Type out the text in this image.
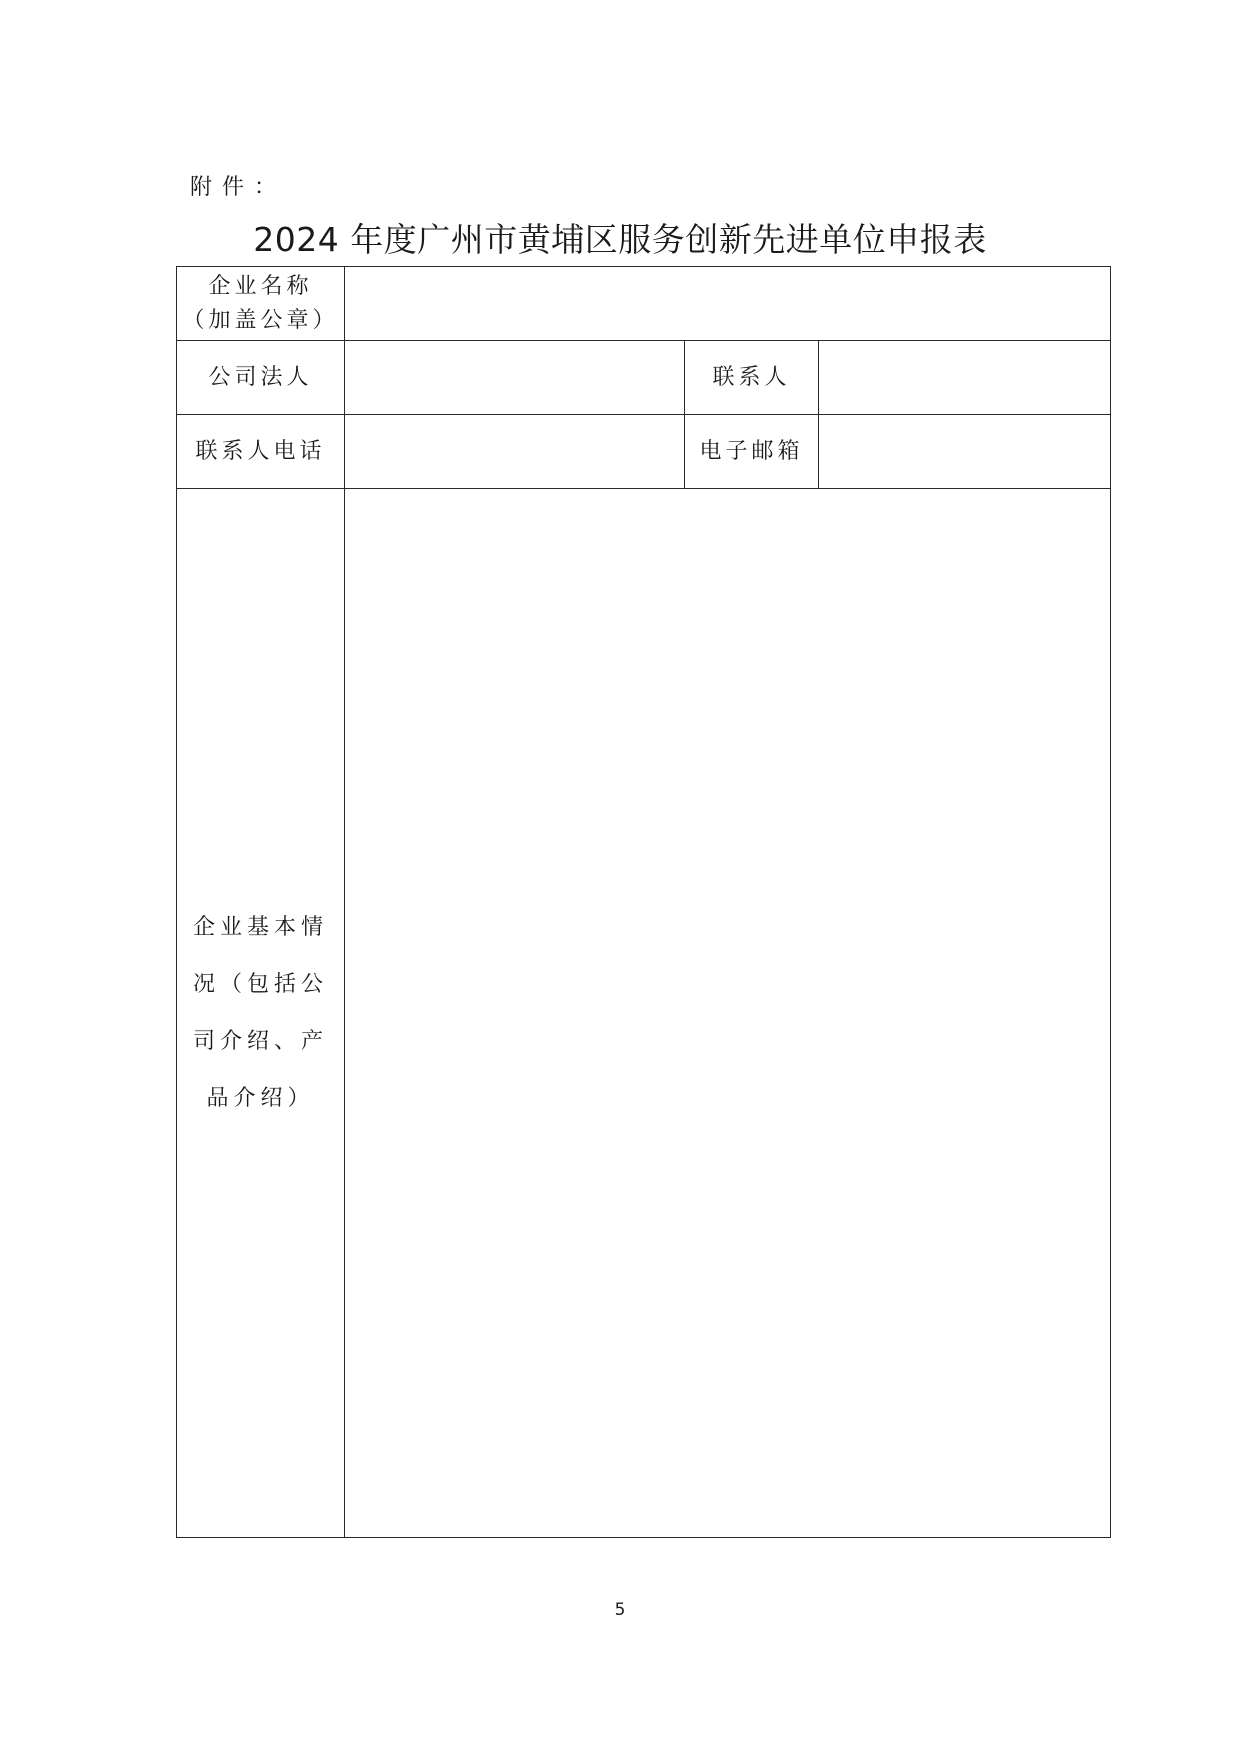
附件：
2024 年度广州市黄埔区服务创新先进单位申报表
企业名称
（加盖公章）			

公司法人		联系人	
联系人电话		电子邮箱	

企业基本情况（包括公司介绍、产品介绍）			

5
